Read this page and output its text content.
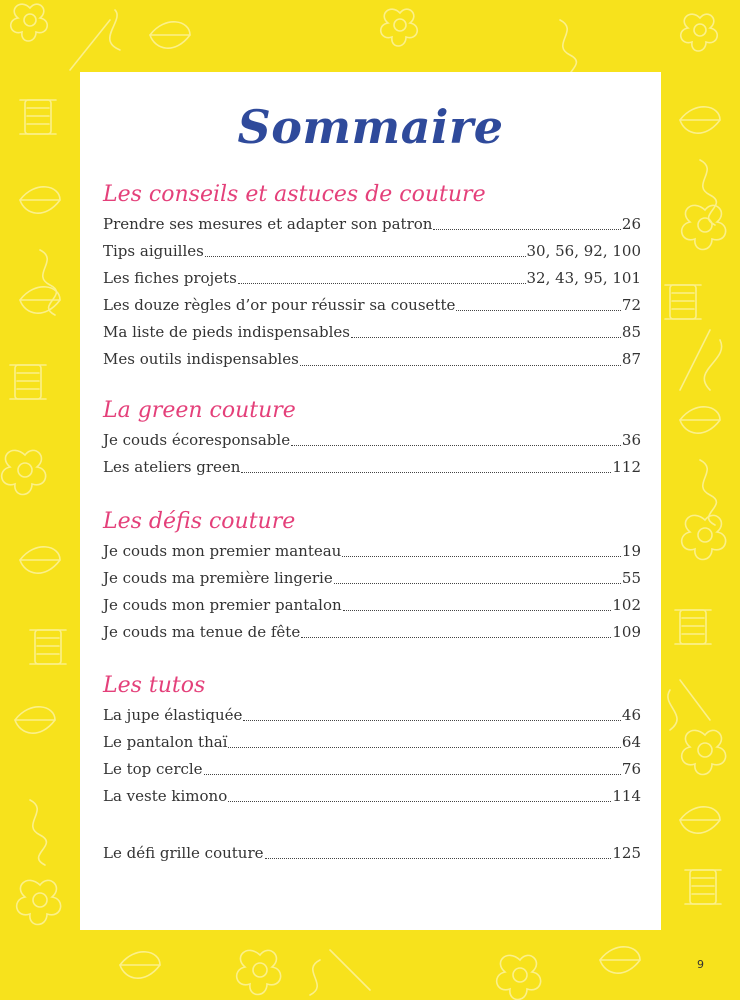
Sommaire
Les conseils et astuces de couture
Prendre ses mesures et adapter son patron	26
Tips aiguilles	30, 56, 92, 100
Les fiches projets	32, 43, 95, 101
Les douze règles d’or pour réussir sa cousette	72
Ma liste de pieds indispensables	85
Mes outils indispensables	87
La green couture
Je couds écoresponsable	36
Les ateliers green	112
Les défis couture
Je couds mon premier manteau	19
Je couds ma première lingerie	55
Je couds mon premier pantalon	102
Je couds ma tenue de fête	109
Les tutos
La jupe élastiquée	46
Le pantalon thaï	64
Le top cercle	76
La veste kimono	114
Le défi grille couture	125
9
